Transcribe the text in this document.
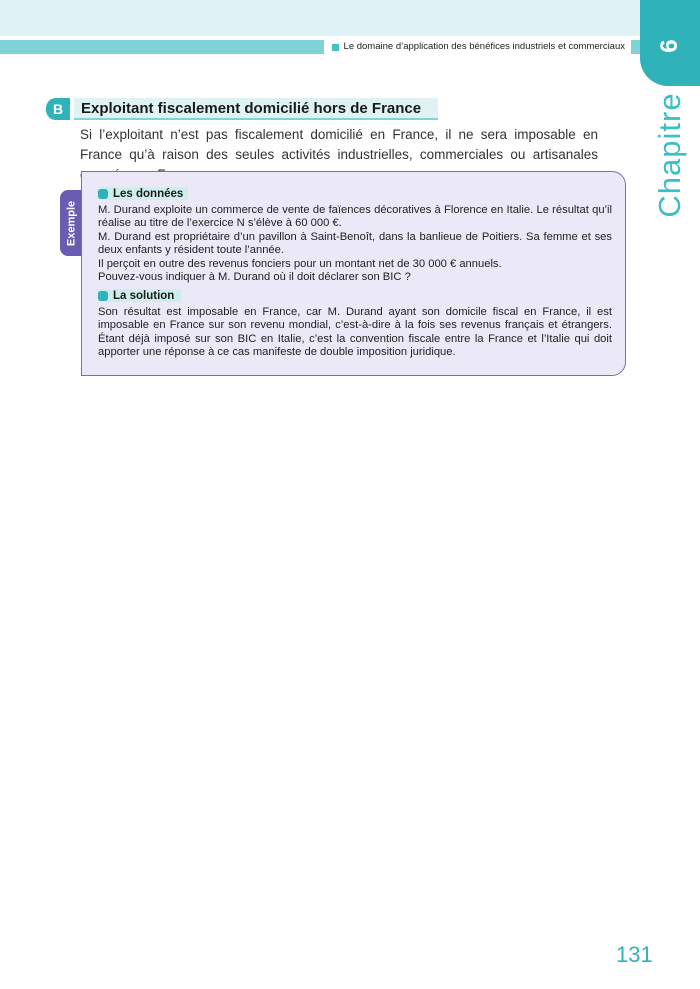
Le domaine d’application des bénéfices industriels et commerciaux	6
Chapitre
B	Exploitant fiscalement domicilié hors de France
Si l’exploitant n’est pas fiscalement domicilié en France, il ne sera imposable en France qu’à raison des seules activités industrielles, commerciales ou artisanales
Exemple
Les données

M. Durand exploite un commerce de vente de faïences décoratives à Florence en Italie. Le résultat qu’il réalise au titre de l’exercice N s’élève à 60 000 €.

M. Durand est propriétaire d’un pavillon à Saint-Benoît, dans la banlieue de Poitiers. Sa femme et ses deux enfants y résident toute l’année.

Il perçoit en outre des revenus fonciers pour un montant net de 30 000 € annuels.

Pouvez-vous indiquer à M. Durand où il doit déclarer son BIC ?

La solution

Son résultat est imposable en France, car M. Durand ayant son domicile fiscal en France, il est imposable en France sur son revenu mondial, c’est-à-dire à la fois ses revenus français et étrangers. Étant déjà imposé sur son BIC en Italie, c’est la convention fiscale entre la France et l’Italie qui doit apporter une réponse à ce cas manifeste de double imposition juridique.

131
